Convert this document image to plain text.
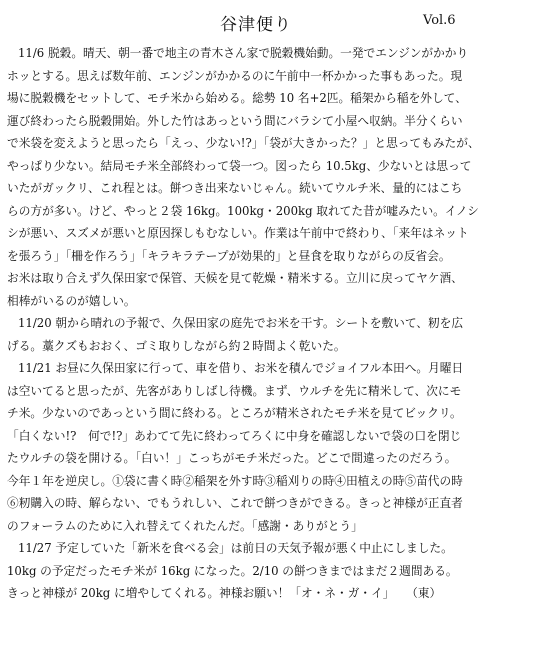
谷津便り	Vol.6
11/6 脱穀。晴天、朝一番で地主の青木さん家で脱穀機始動。一発でエンジンがかかり
ホッとする。思えば数年前、エンジンがかかるのに午前中一杯かかった事もあった。現
場に脱穀機をセットして、モチ米から始める。総勢 10 名+2匹。稲架から稲を外して、
運び終わったら脱穀開始。外した竹はあっという間にバラシて小屋へ収納。半分くらい
で米袋を変えようと思ったら「えっ、少ない!?」「袋が大きかった？」と思ってもみたが、
やっぱり少ない。結局モチ米全部終わって袋一つ。図ったら 10.5kg、少ないとは思って
いたがガックリ、これ程とは。餅つき出来ないじゃん。続いてウルチ米、量的にはこち
らの方が多い。けど、やっと２袋 16kg。100kg・200kg 取れてた昔が嘘みたい。イノシ
シが悪い、スズメが悪いと原因探しもむなしい。作業は午前中で終わり、「来年はネット
を張ろう」「柵を作ろう」「キラキラテープが効果的」と昼食を取りながらの反省会。
お米は取り合えず久保田家で保管、天候を見て乾燥・精米する。立川に戻ってヤケ酒、
相棒がいるのが嬉しい。
11/20 朝から晴れの予報で、久保田家の庭先でお米を干す。シートを敷いて、籾を広
げる。藁クズもおおく、ゴミ取りしながら約２時間よく乾いた。
11/21 お昼に久保田家に行って、車を借り、お米を積んでジョイフル本田へ。月曜日
は空いてると思ったが、先客がありしばし待機。まず、ウルチを先に精米して、次にモ
チ米。少ないのであっという間に終わる。ところが精米されたモチ米を見てビックリ。
「白くない!?　何で!?」あわてて先に終わってろくに中身を確認しないで袋の口を閉じ
たウルチの袋を開ける。「白い！」こっちがモチ米だった。どこで間違ったのだろう。
今年１年を逆戻し。①袋に書く時②稲架を外す時③稲刈りの時④田植えの時⑤苗代の時
⑥籾購入の時、解らない、でもうれしい、これで餅つきができる。きっと神様が正直者
のフォーラムのために入れ替えてくれたんだ。「感謝・ありがとう」
11/27 予定していた「新米を食べる会」は前日の天気予報が悪く中止にしました。
10kg の予定だったモチ米が 16kg になった。2/10 の餅つきまではまだ２週間ある。
きっと神様が 20kg に増やしてくれる。神様お願い！「オ・ネ・ガ・イ」　　（東）
